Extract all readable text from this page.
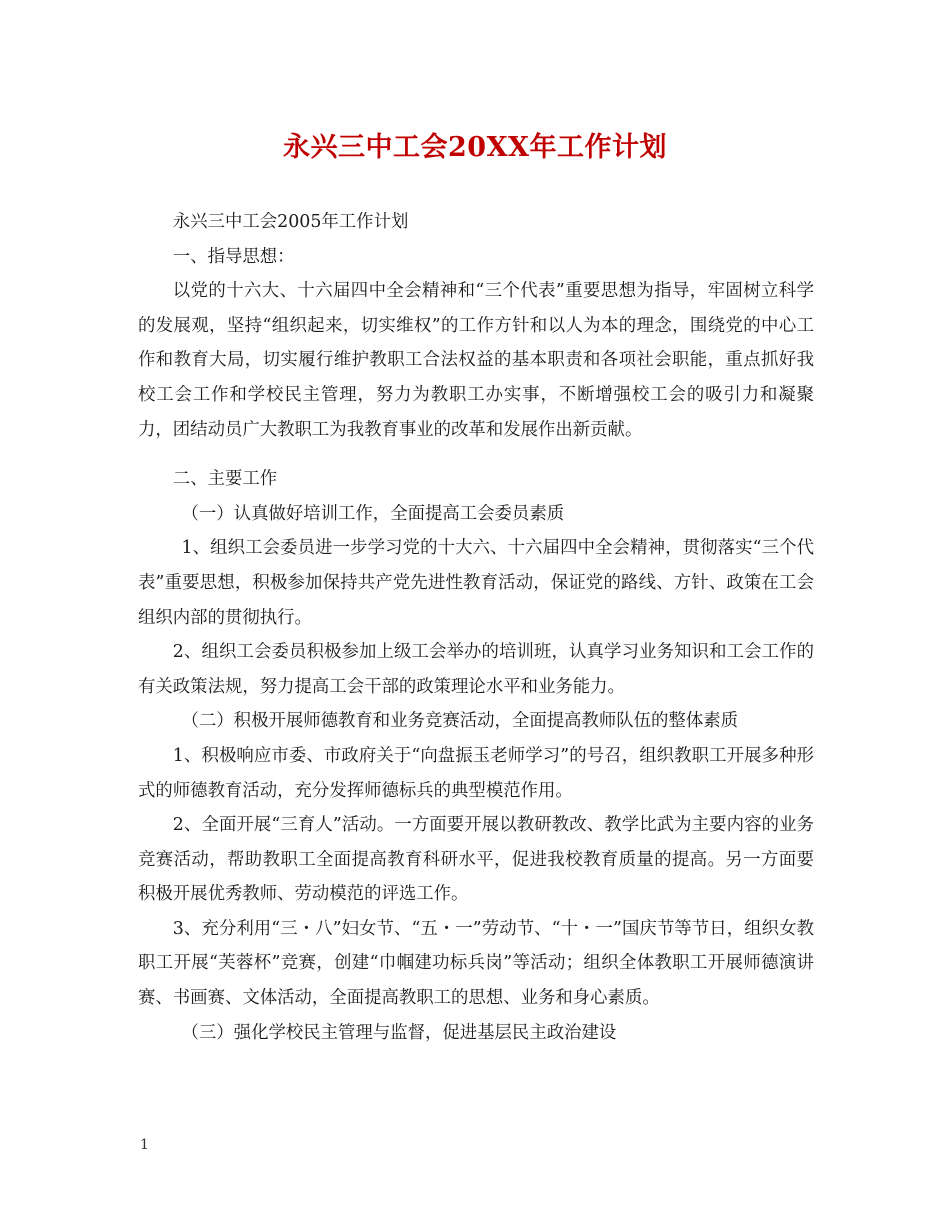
永兴三中工会20XX年工作计划

永兴三中工会2005年工作计划

一、指导思想：

以党的十六大、十六届四中全会精神和“三个代表”重要思想为指导，牢固树立科学的发展观，坚持“组织起来，切实维权”的工作方针和以人为本的理念，围绕党的中心工作和教育大局，切实履行维护教职工合法权益的基本职责和各项社会职能，重点抓好我校工会工作和学校民主管理，努力为教职工办实事，不断增强校工会的吸引力和凝聚力，团结动员广大教职工为我教育事业的改革和发展作出新贡献。

二、主要工作

（一）认真做好培训工作，全面提高工会委员素质

1、组织工会委员进一步学习党的十大六、十六届四中全会精神，贯彻落实“三个代表”重要思想，积极参加保持共产党先进性教育活动，保证党的路线、方针、政策在工会组织内部的贯彻执行。

2、组织工会委员积极参加上级工会举办的培训班，认真学习业务知识和工会工作的有关政策法规，努力提高工会干部的政策理论水平和业务能力。

（二）积极开展师德教育和业务竞赛活动，全面提高教师队伍的整体素质

1、积极响应市委、市政府关于“向盘振玉老师学习”的号召，组织教职工开展多种形式的师德教育活动，充分发挥师德标兵的典型模范作用。

2、全面开展“三育人”活动。一方面要开展以教研教改、教学比武为主要内容的业务竞赛活动，帮助教职工全面提高教育科研水平，促进我校教育质量的提高。另一方面要积极开展优秀教师、劳动模范的评选工作。

3、充分利用“三・八”妇女节、“五・一”劳动节、“十・一”国庆节等节日，组织女教职工开展“芙蓉杯”竞赛，创建“巾帼建功标兵岗”等活动；组织全体教职工开展师德演讲赛、书画赛、文体活动，全面提高教职工的思想、业务和身心素质。

（三）强化学校民主管理与监督，促进基层民主政治建设

1
